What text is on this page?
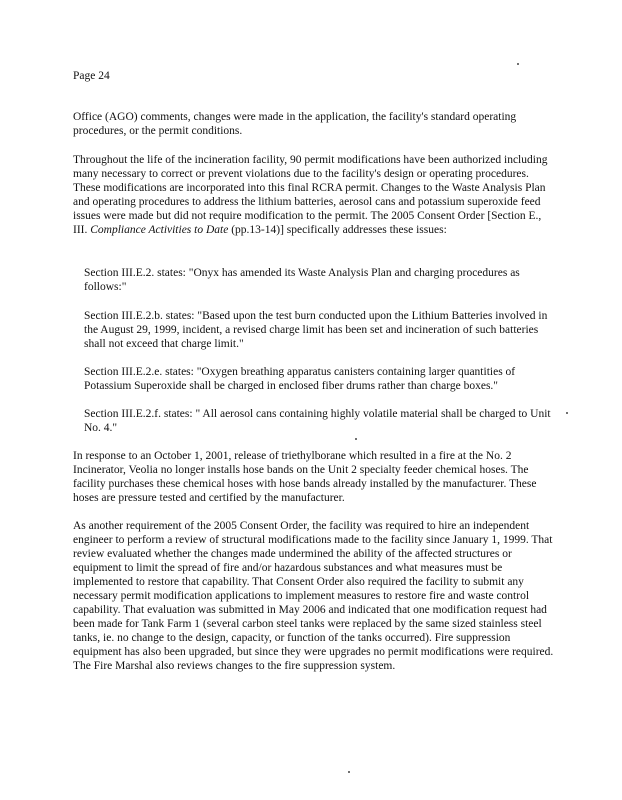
Page 24

Office (AGO) comments, changes were made in the application, the facility's standard operating procedures, or the permit conditions.

Throughout the life of the incineration facility, 90 permit modifications have been authorized including many necessary to correct or prevent violations due to the facility's design or operating procedures. These modifications are incorporated into this final RCRA permit. Changes to the Waste Analysis Plan and operating procedures to address the lithium batteries, aerosol cans and potassium superoxide feed issues were made but did not require modification to the permit. The 2005 Consent Order [Section E., III. Compliance Activities to Date (pp.13-14)] specifically addresses these issues:

Section III.E.2. states: "Onyx has amended its Waste Analysis Plan and charging procedures as follows:"

Section III.E.2.b. states: "Based upon the test burn conducted upon the Lithium Batteries involved in the August 29, 1999, incident, a revised charge limit has been set and incineration of such batteries shall not exceed that charge limit."

Section III.E.2.e. states: "Oxygen breathing apparatus canisters containing larger quantities of Potassium Superoxide shall be charged in enclosed fiber drums rather than charge boxes."

Section III.E.2.f. states: " All aerosol cans containing highly volatile material shall be charged to Unit No. 4."

In response to an October 1, 2001, release of triethylborane which resulted in a fire at the No. 2 Incinerator, Veolia no longer installs hose bands on the Unit 2 specialty feeder chemical hoses. The facility purchases these chemical hoses with hose bands already installed by the manufacturer. These hoses are pressure tested and certified by the manufacturer.

As another requirement of the 2005 Consent Order, the facility was required to hire an independent engineer to perform a review of structural modifications made to the facility since January 1, 1999. That review evaluated whether the changes made undermined the ability of the affected structures or equipment to limit the spread of fire and/or hazardous substances and what measures must be implemented to restore that capability. That Consent Order also required the facility to submit any necessary permit modification applications to implement measures to restore fire and waste control capability. That evaluation was submitted in May 2006 and indicated that one modification request had been made for Tank Farm 1 (several carbon steel tanks were replaced by the same sized stainless steel tanks, ie. no change to the design, capacity, or function of the tanks occurred). Fire suppression equipment has also been upgraded, but since they were upgrades no permit modifications were required. The Fire Marshal also reviews changes to the fire suppression system.
